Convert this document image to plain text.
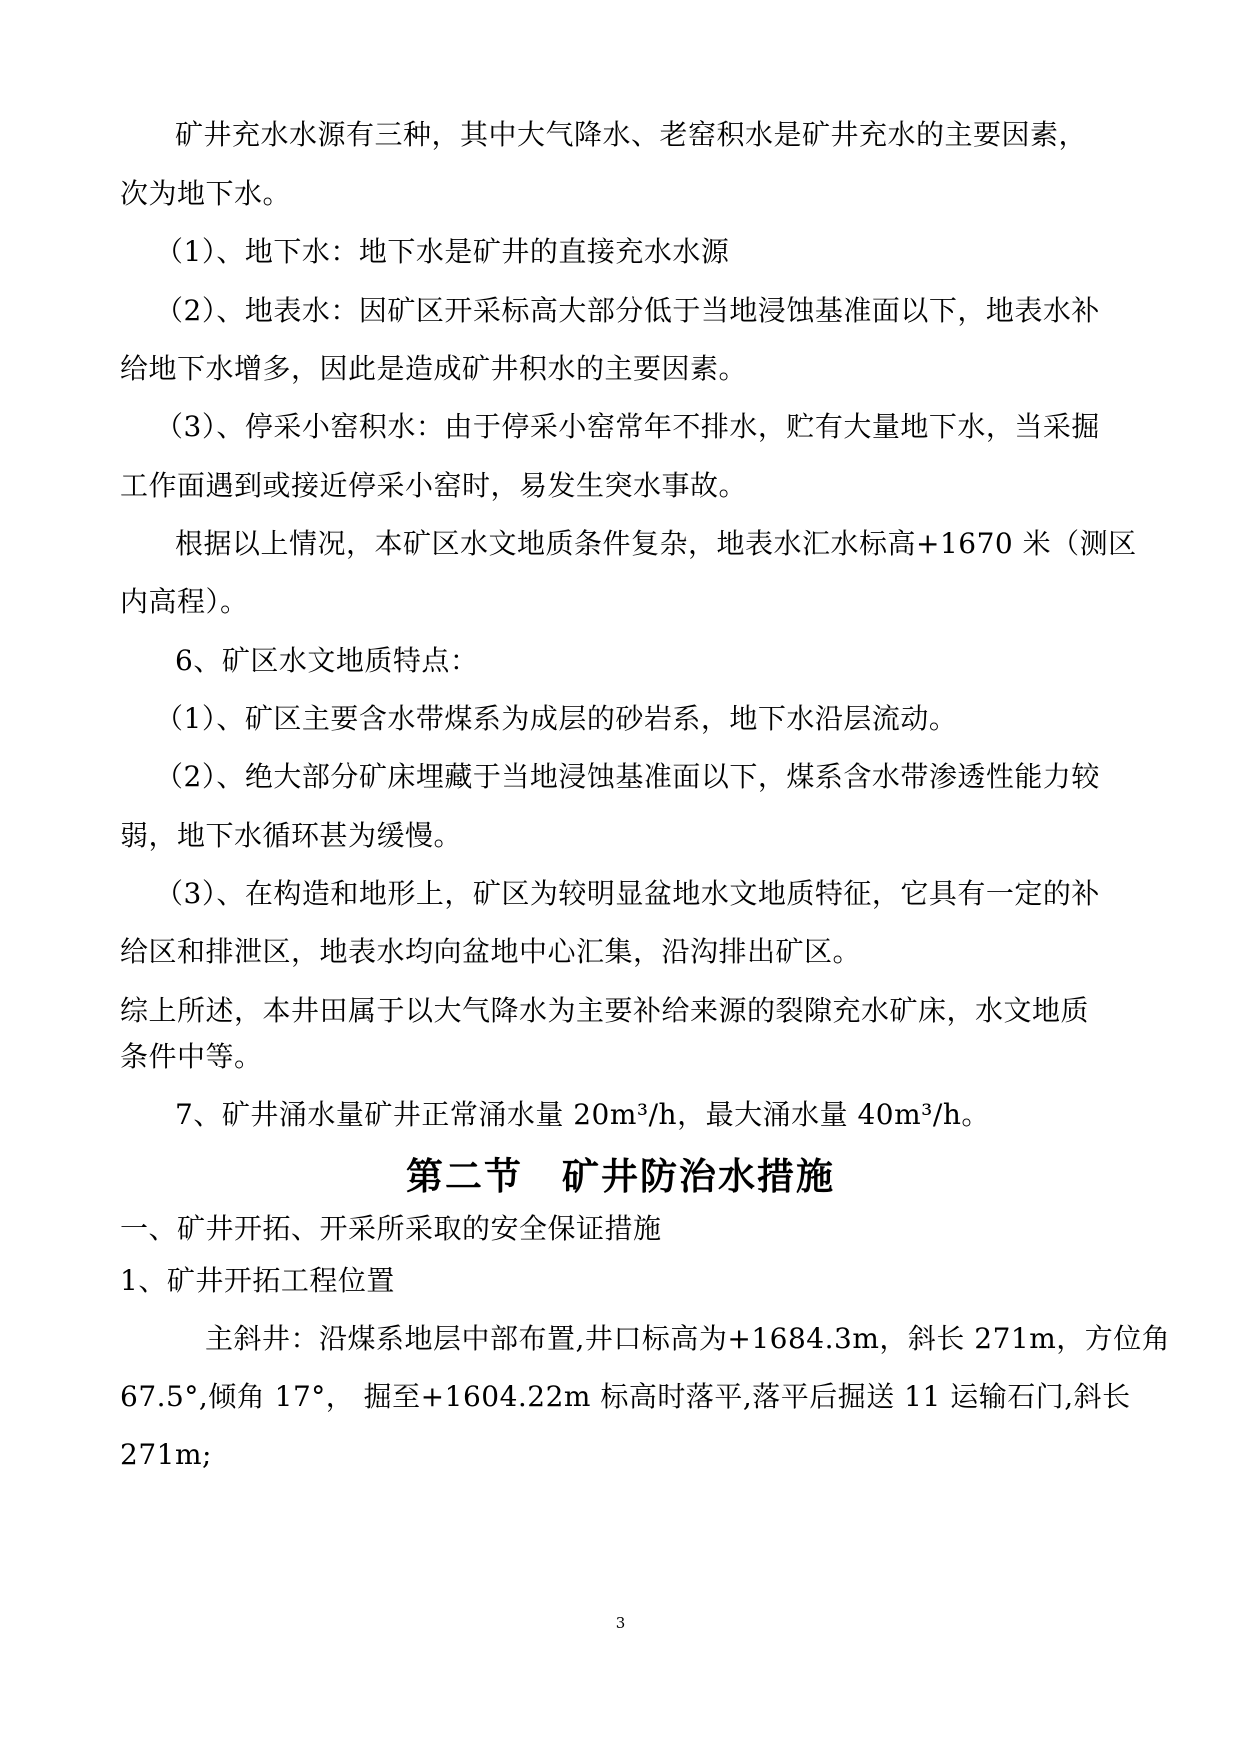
矿井充水水源有三种，其中大气降水、老窑积水是矿井充水的主要因素，
次为地下水。
（1）、地下水：地下水是矿井的直接充水水源
（2）、地表水：因矿区开采标高大部分低于当地浸蚀基准面以下，地表水补
给地下水增多，因此是造成矿井积水的主要因素。
（3）、停采小窑积水：由于停采小窑常年不排水，贮有大量地下水，当采掘
工作面遇到或接近停采小窑时，易发生突水事故。
根据以上情况，本矿区水文地质条件复杂，地表水汇水标高+1670 米（测区
内高程）。
6、矿区水文地质特点：
（1）、矿区主要含水带煤系为成层的砂岩系，地下水沿层流动。
（2）、绝大部分矿床埋藏于当地浸蚀基准面以下，煤系含水带渗透性能力较
弱，地下水循环甚为缓慢。
（3）、在构造和地形上，矿区为较明显盆地水文地质特征，它具有一定的补
给区和排泄区，地表水均向盆地中心汇集，沿沟排出矿区。
综上所述，本井田属于以大气降水为主要补给来源的裂隙充水矿床，水文地质
条件中等。
7、矿井涌水量矿井正常涌水量 20m³/h，最大涌水量 40m³/h。
第二节　矿井防治水措施
一、矿井开拓、开采所采取的安全保证措施
1、矿井开拓工程位置
主斜井：沿煤系地层中部布置,井口标高为+1684.3m，斜长 271m，方位角
67.5°,倾角 17°， 掘至+1604.22m 标高时落平,落平后掘送 11 运输石门,斜长
271m;
3
